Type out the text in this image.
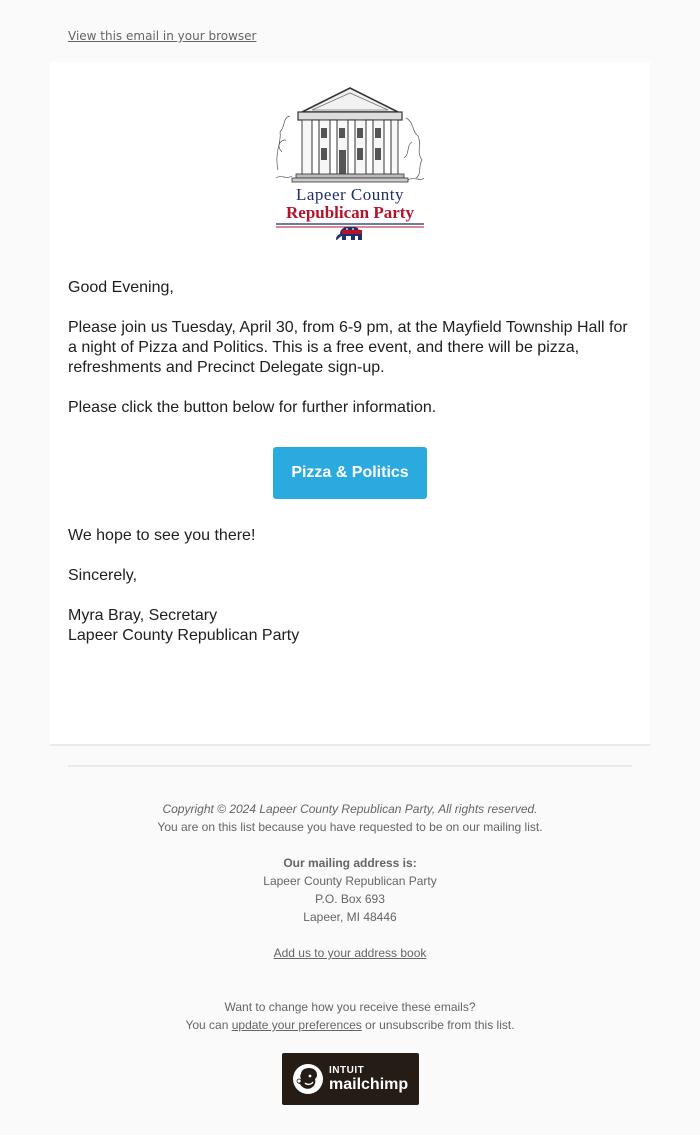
View this email in your browser
Lapeer County
Republican Party

Good Evening,

Please join us Tuesday, April 30, from 6-9 pm, at the Mayfield Township Hall for a night of Pizza and Politics. This is a free event, and there will be pizza, refreshments and Precinct Delegate sign-up.

Please click the button below for further information.

Pizza & Politics

We hope to see you there!

Sincerely,

Myra Bray, Secretary

Lapeer County Republican Party

Copyright © 2024 Lapeer County Republican Party, All rights reserved.
You are on this list because you have requested to be on our mailing list.
Our mailing address is:
Lapeer County Republican Party
P.O. Box 693
Lapeer, MI 48446
Add us to your address book
Want to change how you receive these emails?
You can update your preferences or unsubscribe from this list.
INTUIT
mailchimp
